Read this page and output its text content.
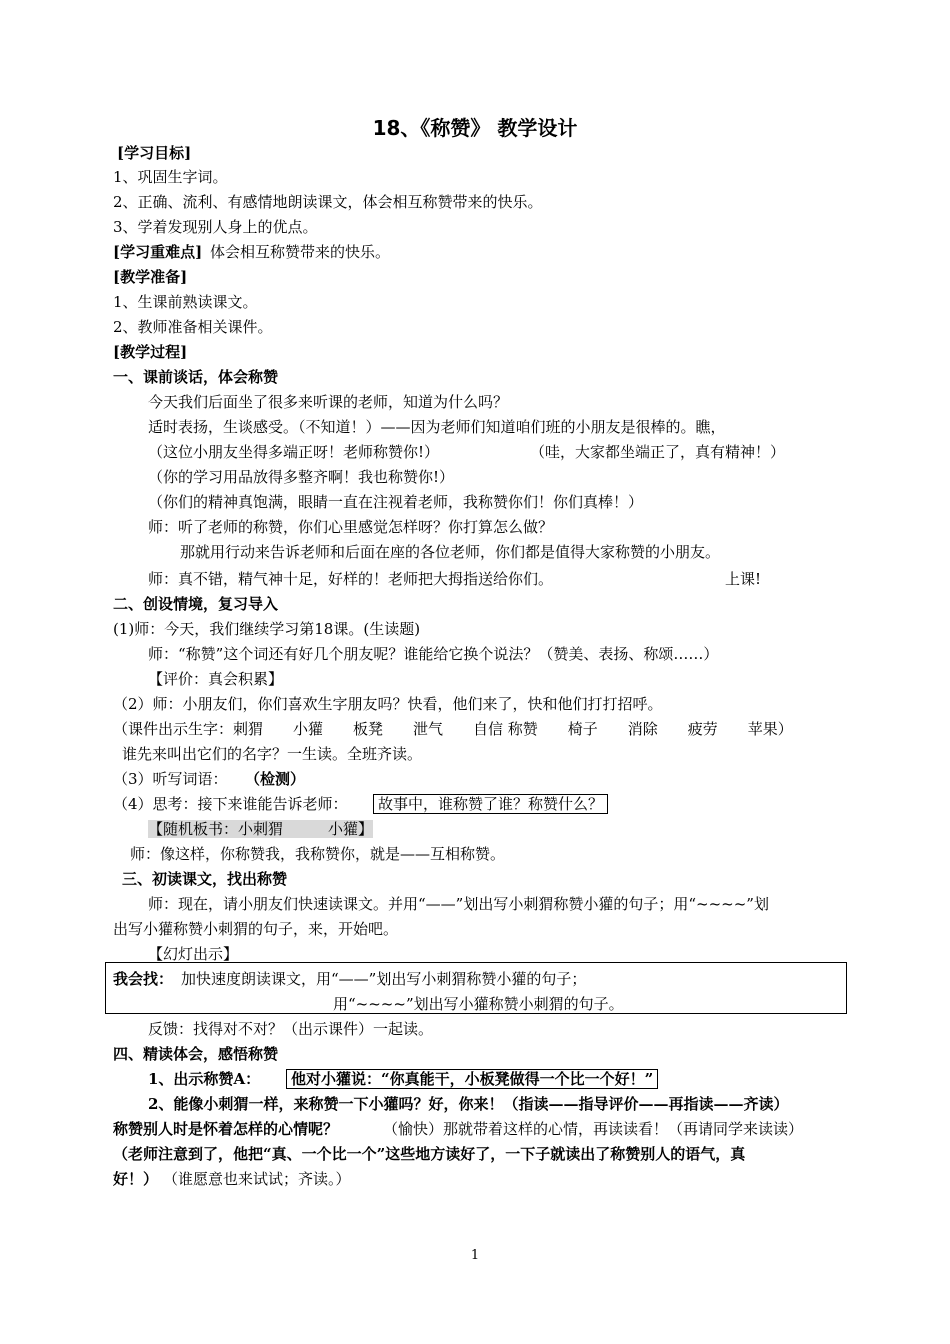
18、《称赞》 教学设计
[学习目标]
1、巩固生字词。
2、正确、流利、有感情地朗读课文，体会相互称赞带来的快乐。
3、学着发现别人身上的优点。
[学习重难点] 体会相互称赞带来的快乐。
[教学准备]
1、生课前熟读课文。
2、教师准备相关课件。
[教学过程]
一、课前谈话，体会称赞
今天我们后面坐了很多来听课的老师，知道为什么吗？
适时表扬，生谈感受。（不知道！）——因为老师们知道咱们班的小朋友是很棒的。瞧，
（这位小朋友坐得多端正呀！老师称赞你!）	（哇，大家都坐端正了，真有精神！）
（你的学习用品放得多整齐啊！我也称赞你!）
（你们的精神真饱满，眼睛一直在注视着老师，我称赞你们！你们真棒！）
师：听了老师的称赞，你们心里感觉怎样呀？你打算怎么做？
那就用行动来告诉老师和后面在座的各位老师，你们都是值得大家称赞的小朋友。
师：真不错，精气神十足，好样的！老师把大拇指送给你们。	上课!
二、创设情境，复习导入
(1)师：今天，我们继续学习第18课。(生读题)
师：“称赞”这个词还有好几个朋友呢？谁能给它换个说法？（赞美、表扬、称颂……）
【评价：真会积累】
（2）师：小朋友们，你们喜欢生字朋友吗？快看，他们来了，快和他们打打招呼。
（课件出示生字：刺猬　　小獾　　板凳　　泄气　　自信 称赞　　椅子　　消除　　疲劳　　苹果）
谁先来叫出它们的名字？一生读。全班齐读。
（3）听写词语： （检测）
（4）思考：接下来谁能告诉老师：	故事中，谁称赞了谁？称赞什么？
【随机板书：小刺猬　　　小獾】
师：像这样，你称赞我，我称赞你，就是——互相称赞。
三、初读课文，找出称赞
师：现在，请小朋友们快速读课文。并用“——”划出写小刺猬称赞小獾的句子；用“~~~~”划
出写小獾称赞小刺猬的句子，来，开始吧。
【幻灯出示】
我会找： 加快速度朗读课文，用“——”划出写小刺猬称赞小獾的句子；
用“~~~~”划出写小獾称赞小刺猬的句子。
反馈：找得对不对？（出示课件）一起读。
四、精读体会，感悟称赞
1、出示称赞A：	他对小獾说：“你真能干，小板凳做得一个比一个好！”
2、能像小刺猬一样，来称赞一下小獾吗？好，你来！（指读——指导评价——再指读——齐读）
称赞别人时是怀着怎样的心情呢？	（愉快）那就带着这样的心情，再读读看！（再请同学来读读）
（老师注意到了，他把“真、一个比一个”这些地方读好了，一下子就读出了称赞别人的语气，真
好！） （谁愿意也来试试；齐读。）
1
